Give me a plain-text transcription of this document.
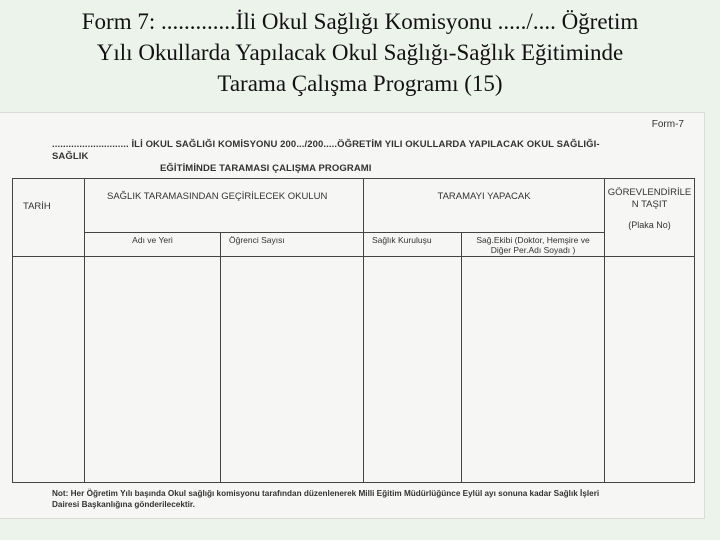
Form 7: .............İli Okul Sağlığı Komisyonu ...../.... Öğretim
Yılı Okullarda Yapılacak Okul Sağlığı-Sağlık Eğitiminde
Tarama Çalışma Programı (15)
Form-7
............................ İLİ OKUL SAĞLIĞI KOMİSYONU 200.../200.....ÖĞRETİM YILI OKULLARDA YAPILACAK OKUL SAĞLIĞI-SAĞLIK
EĞİTİMİNDE TARAMASI ÇALIŞMA PROGRAMI
TARİH	SAĞLIK TARAMASINDAN GEÇİRİLECEK OKULUN		TARAMAYI YAPACAK		GÖREVLENDİRİLE N TAŞIT
(Plaka No)

	Adı ve Yeri	Öğrenci Sayısı	Sağlık Kuruluşu	Sağ.Ekibi (Doktor, Hemşire ve
Diğer Per.Adı Soyadı )	

Not: Her Öğretim Yılı başında Okul sağlığı komisyonu tarafından düzenlenerek Milli Eğitim Müdürlüğünce Eylül ayı sonuna kadar Sağlık İşleri
Dairesi Başkanlığına gönderilecektir.
